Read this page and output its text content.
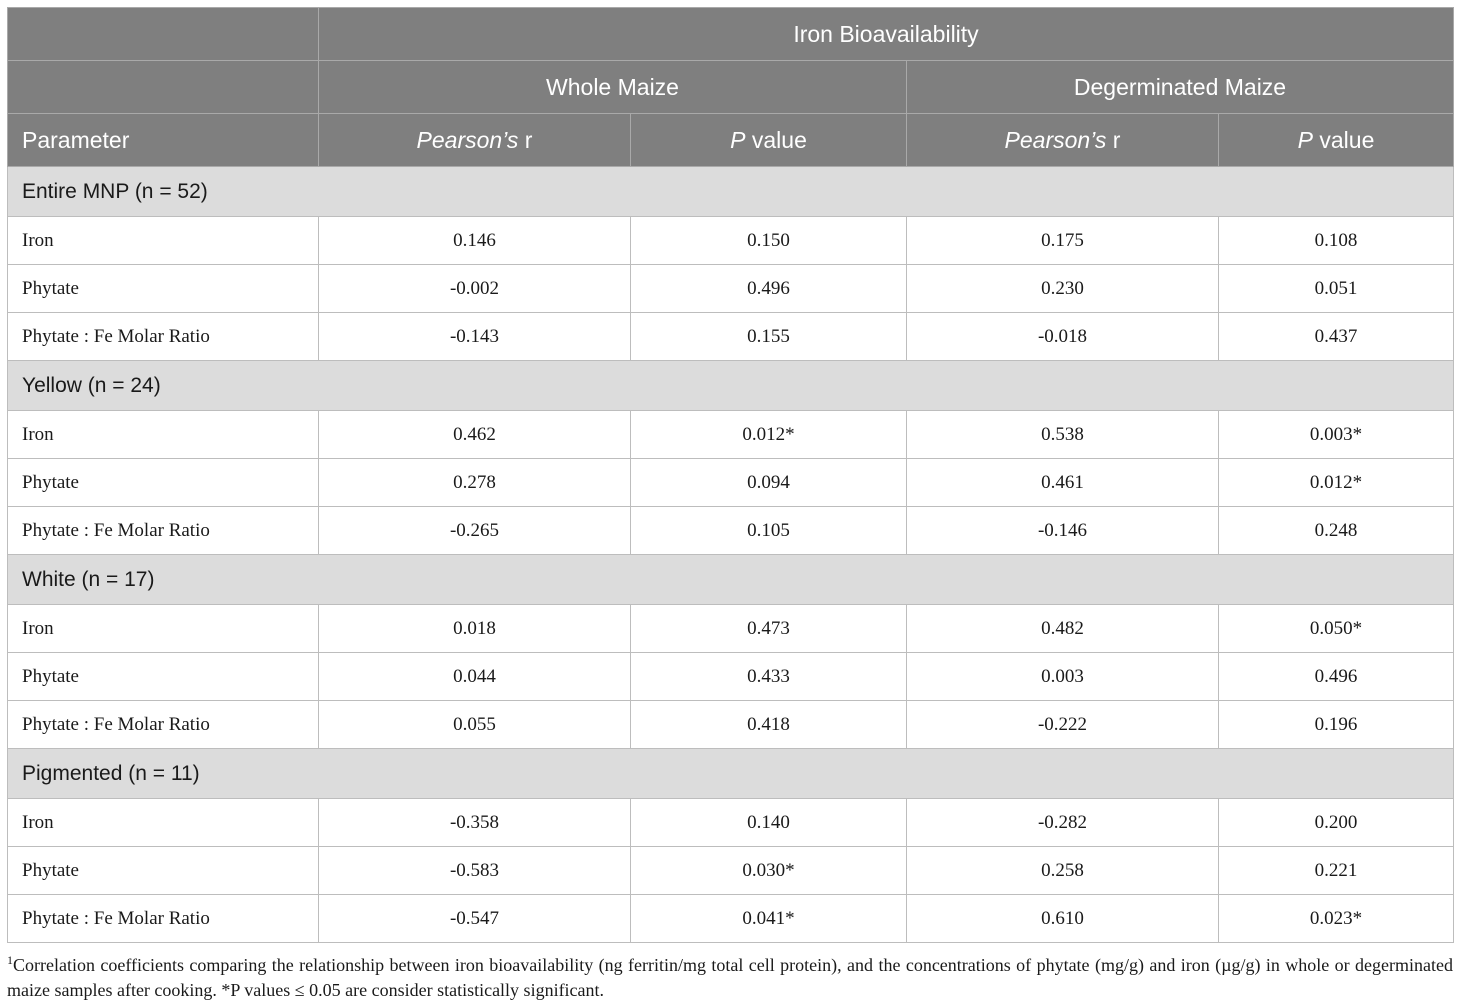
	Iron Bioavailability			
	Whole Maize		Degerminated Maize	
Parameter	Pearson’s r	P value	Pearson’s r	P value
Entire MNP (n = 52)				
Iron	0.146	0.150	0.175	0.108
Phytate	-0.002	0.496	0.230	0.051
Phytate : Fe Molar Ratio	-0.143	0.155	-0.018	0.437
Yellow (n = 24)				
Iron	0.462	0.012*	0.538	0.003*
Phytate	0.278	0.094	0.461	0.012*
Phytate : Fe Molar Ratio	-0.265	0.105	-0.146	0.248
White (n = 17)				
Iron	0.018	0.473	0.482	0.050*
Phytate	0.044	0.433	0.003	0.496
Phytate : Fe Molar Ratio	0.055	0.418	-0.222	0.196
Pigmented (n = 11)				
Iron	-0.358	0.140	-0.282	0.200
Phytate	-0.583	0.030*	0.258	0.221
Phytate : Fe Molar Ratio	-0.547	0.041*	0.610	0.023*
$^1$Correlation coefficients comparing the relationship between iron bioavailability (ng ferritin/mg total cell protein), and the concentrations of phytate (mg/g) and iron (µg/g) in whole or degerminated maize samples after cooking. *P values ≤ 0.05 are consider statistically significant.
